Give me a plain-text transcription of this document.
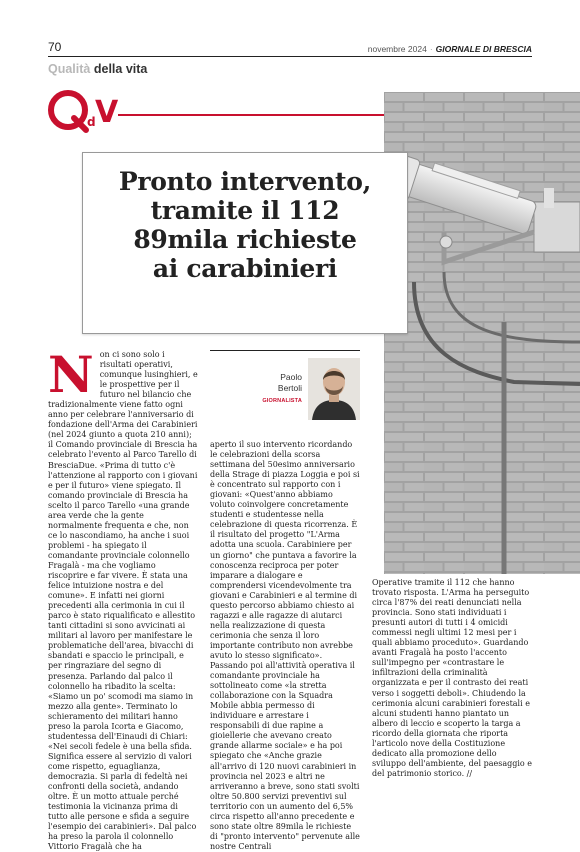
70	novembre 2024 · GIORNALE DI BRESCIA
Qualità della vita
d V
Pronto intervento,
tramite il 112
89mila richieste
ai carabinieri
N on ci sono solo i risultati operativi, comunque lusinghieri, e le prospettive per il futuro nel bilancio che tradizionalmente viene fatto ogni anno per celebrare l'anniversario di fondazione dell'Arma dei Carabinieri (nel 2024 giunto a quota 210 anni); il Comando provinciale di Brescia ha celebrato l'evento al Parco Tarello di BresciaDue. «Prima di tutto c'è l'attenzione al rapporto con i giovani e per il futuro» viene spiegato. Il comando provinciale di Brescia ha scelto il parco Tarello «una grande area verde che la gente normalmente frequenta e che, non ce lo nascondiamo, ha anche i suoi problemi - ha spiegato il comandante provinciale colonnello Fragalà - ma che vogliamo riscoprire e far vivere. È stata una felice intuizione nostra e del comune». E infatti nei giorni precedenti alla cerimonia in cui il parco è stato riqualificato e allestito tanti cittadini si sono avvicinati ai militari al lavoro per manifestare le problematiche dell'area, bivacchi di sbandati e spaccio le principali, e per ringraziare del segno di presenza. Parlando dal palco il colonnello ha ribadito la scelta: «Siamo un po' scomodi ma siamo in mezzo alla gente». Terminato lo schieramento dei militari hanno preso la parola Icorta e Giacomo, studentessa dell'Einaudi di Chiari: «Nei secoli fedele è una bella sfida. Significa essere al servizio di valori come rispetto, eguaglianza, democrazia. Si parla di fedeltà nei confronti della società, andando oltre. È un motto attuale perché testimonia la vicinanza prima di tutto alle persone e sfida a seguire l'esempio dei carabinieri». Dal palco ha preso la parola il colonnello Vittorio Fragalà che ha
Paolo
Bertoli
GIORNALISTA
aperto il suo intervento ricordando le celebrazioni della scorsa settimana del 50esimo anniversario della Strage di piazza Loggia e poi si è concentrato sul rapporto con i giovani: «Quest'anno abbiamo voluto coinvolgere concretamente studenti e studentesse nella celebrazione di questa ricorrenza. È il risultato del progetto "L'Arma adotta una scuola. Carabiniere per un giorno" che puntava a favorire la conoscenza reciproca per poter imparare a dialogare e comprendersi vicendevolmente tra giovani e Carabinieri e al termine di questo percorso abbiamo chiesto ai ragazzi e alle ragazze di aiutarci nella realizzazione di questa cerimonia che senza il loro importante contributo non avrebbe avuto lo stesso significato». Passando poi all'attività operativa il comandante provinciale ha sottolineato come «la stretta collaborazione con la Squadra Mobile abbia permesso di individuare e arrestare i responsabili di due rapine a gioiellerie che avevano creato grande allarme sociale» e ha poi spiegato che «Anche grazie all'arrivo di 120 nuovi carabinieri in provincia nel 2023 e altri ne arriveranno a breve, sono stati svolti oltre 50.800 servizi preventivi sul territorio con un aumento del 6,5% circa rispetto all'anno precedente e sono state oltre 89mila le richieste di "pronto intervento" pervenute alle nostre Centrali
Operative tramite il 112 che hanno trovato risposta. L'Arma ha perseguito circa l'87% dei reati denunciati nella provincia. Sono stati individuati i presunti autori di tutti i 4 omicidi commessi negli ultimi 12 mesi per i quali abbiamo proceduto». Guardando avanti Fragalà ha posto l'accento sull'impegno per «contrastare le infiltrazioni della criminalità organizzata e per il contrasto dei reati verso i soggetti deboli». Chiudendo la cerimonia alcuni carabinieri forestali e alcuni studenti hanno piantato un albero di leccio e scoperto la targa a ricordo della giornata che riporta l'articolo nove della Costituzione dedicato alla promozione dello sviluppo dell'ambiente, del paesaggio e del patrimonio storico. //
